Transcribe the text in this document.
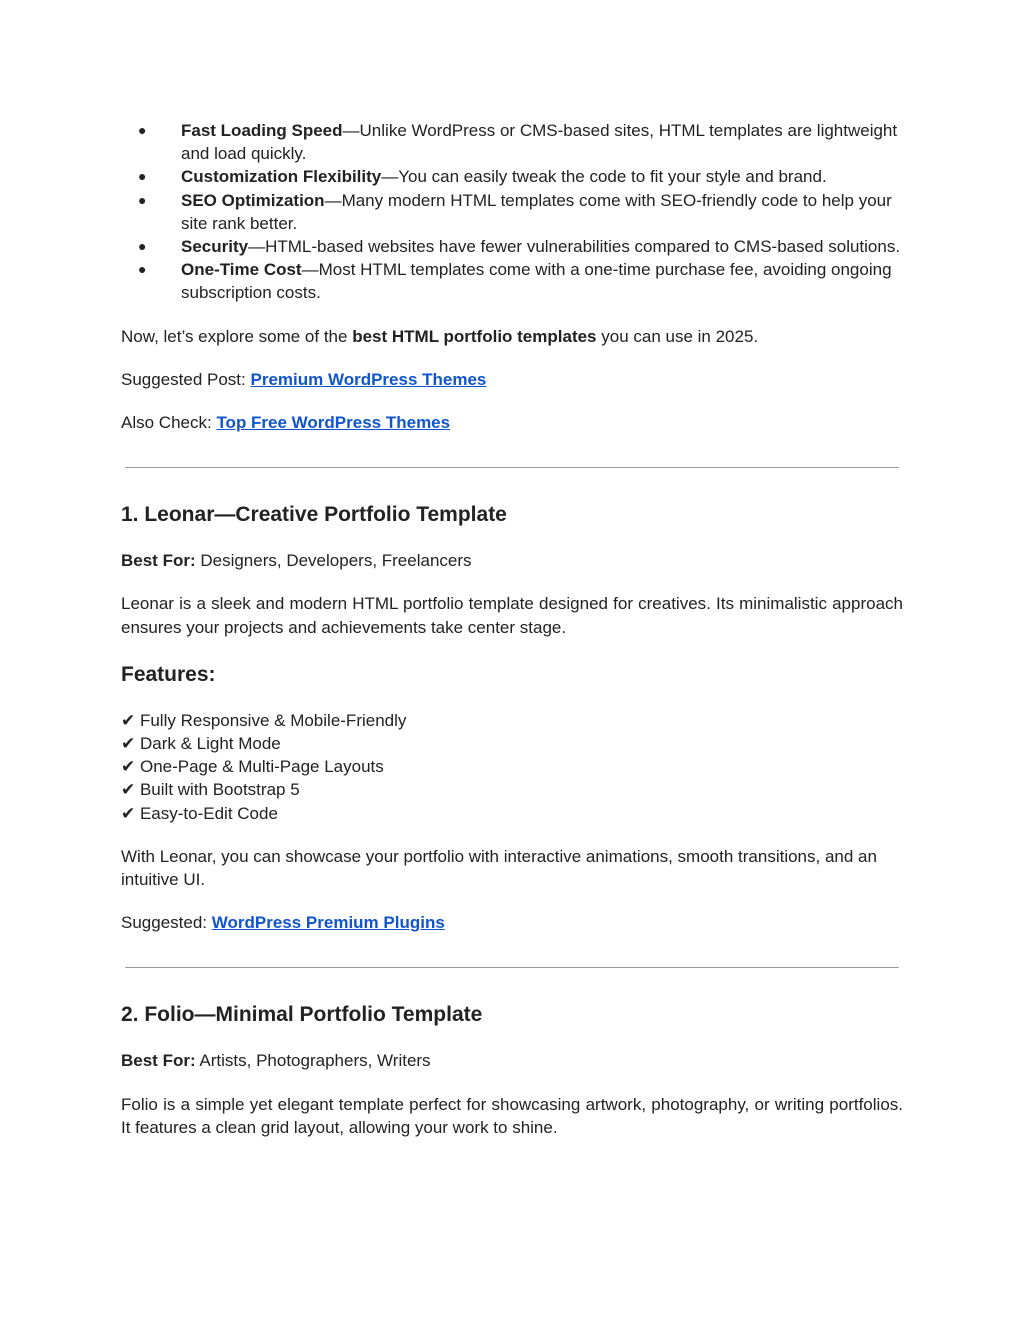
● Fast Loading Speed—Unlike WordPress or CMS-based sites, HTML templates are lightweight and load quickly.
● Customization Flexibility—You can easily tweak the code to fit your style and brand.
● SEO Optimization—Many modern HTML templates come with SEO-friendly code to help your site rank better.
● Security—HTML-based websites have fewer vulnerabilities compared to CMS-based solutions.
● One-Time Cost—Most HTML templates come with a one-time purchase fee, avoiding ongoing subscription costs.

Now, let’s explore some of the best HTML portfolio templates you can use in 2025.

Suggested Post: Premium WordPress Themes

Also Check: Top Free WordPress Themes

1. Leonar—Creative Portfolio Template

Best For: Designers, Developers, Freelancers

Leonar is a sleek and modern HTML portfolio template designed for creatives. Its minimalistic approach ensures your projects and achievements take center stage.

Features:
✔ Fully Responsive & Mobile-Friendly
✔ Dark & Light Mode
✔ One-Page & Multi-Page Layouts
✔ Built with Bootstrap 5
✔ Easy-to-Edit Code

With Leonar, you can showcase your portfolio with interactive animations, smooth transitions, and an intuitive UI.

Suggested: WordPress Premium Plugins

2. Folio—Minimal Portfolio Template

Best For: Artists, Photographers, Writers

Folio is a simple yet elegant template perfect for showcasing artwork, photography, or writing portfolios. It features a clean grid layout, allowing your work to shine.
